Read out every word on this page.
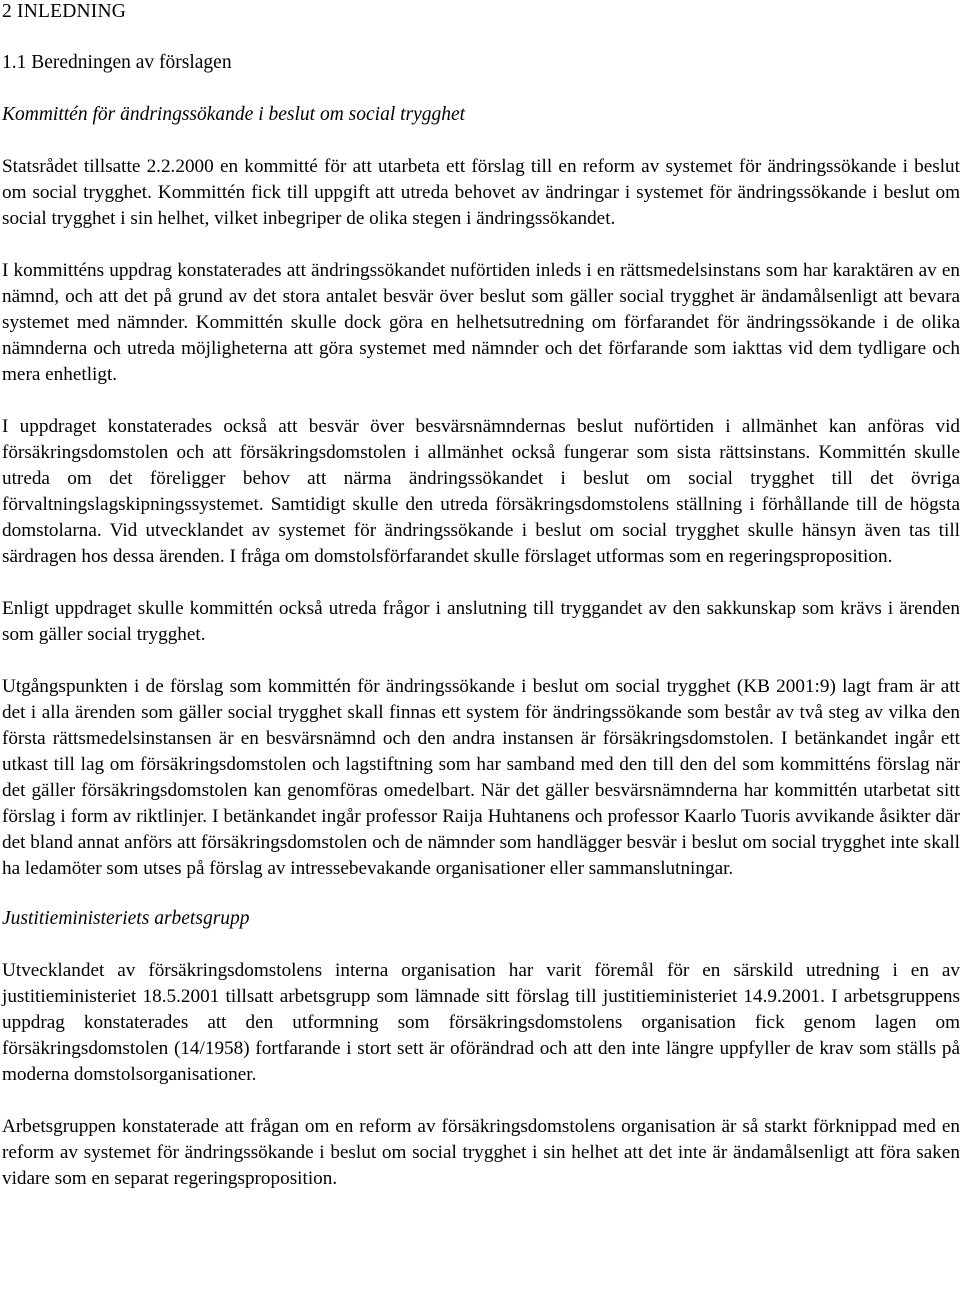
2 INLEDNING
1.1 Beredningen av förslagen
Kommittén för ändringssökande i beslut om social trygghet

Statsrådet tillsatte 2.2.2000 en kommitté för att utarbeta ett förslag till en reform av systemet för ändringssökande i beslut om social trygghet. Kommittén fick till uppgift att utreda behovet av ändringar i systemet för ändringssökande i beslut om social trygghet i sin helhet, vilket inbegriper de olika stegen i ändringssökandet.

I kommitténs uppdrag konstaterades att ändringssökandet nuförtiden inleds i en rättsmedelsinstans som har karaktären av en nämnd, och att det på grund av det stora antalet besvär över beslut som gäller social trygghet är ändamålsenligt att bevara systemet med nämnder. Kommittén skulle dock göra en helhetsutredning om förfarandet för ändringssökande i de olika nämnderna och utreda möjligheterna att göra systemet med nämnder och det förfarande som iakttas vid dem tydligare och mera enhetligt.

I uppdraget konstaterades också att besvär över besvärsnämndernas beslut nuförtiden i allmänhet kan anföras vid försäkringsdomstolen och att försäkringsdomstolen i allmänhet också fungerar som sista rättsinstans. Kommittén skulle utreda om det föreligger behov att närma ändringssökandet i beslut om social trygghet till det övriga förvaltningslagskipningssystemet. Samtidigt skulle den utreda försäkringsdomstolens ställning i förhållande till de högsta domstolarna. Vid utvecklandet av systemet för ändringssökande i beslut om social trygghet skulle hänsyn även tas till särdragen hos dessa ärenden. I fråga om domstolsförfarandet skulle förslaget utformas som en regeringsproposition.

Enligt uppdraget skulle kommittén också utreda frågor i anslutning till tryggandet av den sakkunskap som krävs i ärenden som gäller social trygghet.

Utgångspunkten i de förslag som kommittén för ändringssökande i beslut om social trygghet (KB 2001:9) lagt fram är att det i alla ärenden som gäller social trygghet skall finnas ett system för ändringssökande som består av två steg av vilka den första rättsmedelsinstansen är en besvärsnämnd och den andra instansen är försäkringsdomstolen. I betänkandet ingår ett utkast till lag om försäkringsdomstolen och lagstiftning som har samband med den till den del som kommitténs förslag när det gäller försäkringsdomstolen kan genomföras omedelbart. När det gäller besvärsnämnderna har kommittén utarbetat sitt förslag i form av riktlinjer. I betänkandet ingår professor Raija Huhtanens och professor Kaarlo Tuoris avvikande åsikter där det bland annat anförs att försäkringsdomstolen och de nämnder som handlägger besvär i beslut om social trygghet inte skall ha ledamöter som utses på förslag av intressebevakande organisationer eller sammanslutningar.

Justitieministeriets arbetsgrupp

Utvecklandet av försäkringsdomstolens interna organisation har varit föremål för en särskild utredning i en av justitieministeriet 18.5.2001 tillsatt arbetsgrupp som lämnade sitt förslag till justitieministeriet 14.9.2001. I arbetsgruppens uppdrag konstaterades att den utformning som försäkringsdomstolens organisation fick genom lagen om försäkringsdomstolen (14/1958) fortfarande i stort sett är oförändrad och att den inte längre uppfyller de krav som ställs på moderna domstolsorganisationer.

Arbetsgruppen konstaterade att frågan om en reform av försäkringsdomstolens organisation är så starkt förknippad med en reform av systemet för ändringssökande i beslut om social trygghet i sin helhet att det inte är ändamålsenligt att föra saken vidare som en separat regeringsproposition.
